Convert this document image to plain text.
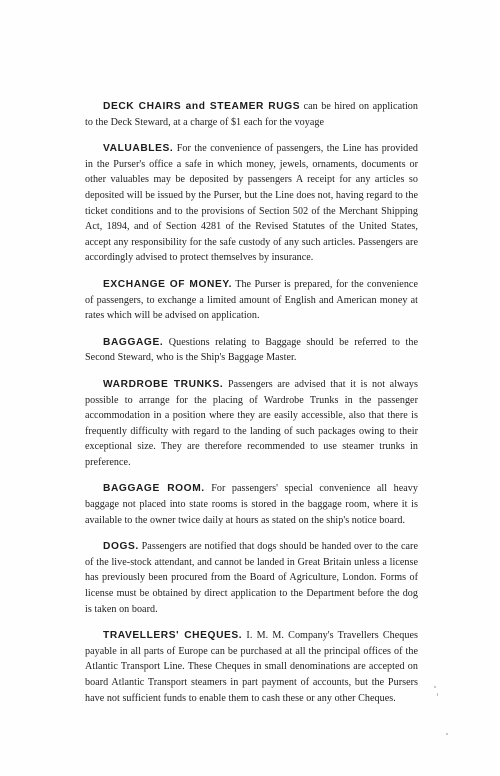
DECK CHAIRS and STEAMER RUGS can be hired on application to the Deck Steward, at a charge of $1 each for the voyage

VALUABLES. For the convenience of passengers, the Line has provided in the Purser's office a safe in which money, jewels, ornaments, documents or other valuables may be deposited by passengers A receipt for any articles so deposited will be issued by the Purser, but the Line does not, having regard to the ticket conditions and to the provisions of Section 502 of the Merchant Shipping Act, 1894, and of Section 4281 of the Revised Statutes of the United States, accept any responsibility for the safe custody of any such articles. Passengers are accordingly advised to protect themselves by insurance.

EXCHANGE OF MONEY. The Purser is prepared, for the convenience of passengers, to exchange a limited amount of English and American money at rates which will be advised on application.

BAGGAGE. Questions relating to Baggage should be referred to the Second Steward, who is the Ship's Baggage Master.

WARDROBE TRUNKS. Passengers are advised that it is not always possible to arrange for the placing of Wardrobe Trunks in the passenger accommodation in a position where they are easily accessible, also that there is frequently difficulty with regard to the landing of such packages owing to their exceptional size. They are therefore recommended to use steamer trunks in preference.

BAGGAGE ROOM. For passengers' special convenience all heavy baggage not placed into state rooms is stored in the baggage room, where it is available to the owner twice daily at hours as stated on the ship's notice board.

DOGS. Passengers are notified that dogs should be handed over to the care of the live-stock attendant, and cannot be landed in Great Britain unless a license has previously been procured from the Board of Agriculture, London. Forms of license must be obtained by direct application to the Department before the dog is taken on board.

TRAVELLERS' CHEQUES. I. M. M. Company's Travellers Cheques payable in all parts of Europe can be purchased at all the principal offices of the Atlantic Transport Line. These Cheques in small denominations are accepted on board Atlantic Transport steamers in part payment of accounts, but the Pursers have not sufficient funds to enable them to cash these or any other Cheques.
